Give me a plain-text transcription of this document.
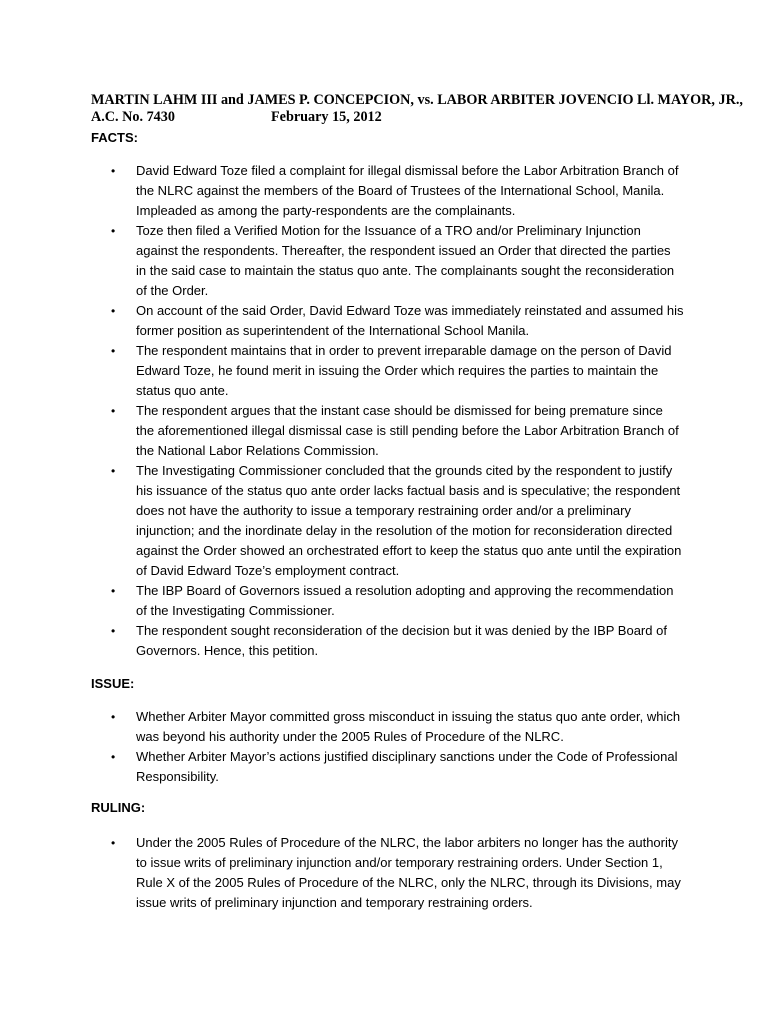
MARTIN LAHM III and JAMES P. CONCEPCION, vs. LABOR ARBITER JOVENCIO Ll. MAYOR, JR.,
A.C. No. 7430	February 15, 2012
FACTS:
• David Edward Toze filed a complaint for illegal dismissal before the Labor Arbitration Branch of the NLRC against the members of the Board of Trustees of the International School, Manila. Impleaded as among the party-respondents are the complainants.
• Toze then filed a Verified Motion for the Issuance of a TRO and/or Preliminary Injunction against the respondents. Thereafter, the respondent issued an Order that directed the parties in the said case to maintain the status quo ante. The complainants sought the reconsideration of the Order.
• On account of the said Order, David Edward Toze was immediately reinstated and assumed his former position as superintendent of the International School Manila.
• The respondent maintains that in order to prevent irreparable damage on the person of David Edward Toze, he found merit in issuing the Order which requires the parties to maintain the status quo ante.
• The respondent argues that the instant case should be dismissed for being premature since the aforementioned illegal dismissal case is still pending before the Labor Arbitration Branch of the National Labor Relations Commission.
• The Investigating Commissioner concluded that the grounds cited by the respondent to justify his issuance of the status quo ante order lacks factual basis and is speculative; the respondent does not have the authority to issue a temporary restraining order and/or a preliminary injunction; and the inordinate delay in the resolution of the motion for reconsideration directed against the Order showed an orchestrated effort to keep the status quo ante until the expiration of David Edward Toze’s employment contract.
• The IBP Board of Governors issued a resolution adopting and approving the recommendation of the Investigating Commissioner.
• The respondent sought reconsideration of the decision but it was denied by the IBP Board of Governors. Hence, this petition.
ISSUE:
• Whether Arbiter Mayor committed gross misconduct in issuing the status quo ante order, which was beyond his authority under the 2005 Rules of Procedure of the NLRC.
• Whether Arbiter Mayor’s actions justified disciplinary sanctions under the Code of Professional Responsibility.
RULING:
• Under the 2005 Rules of Procedure of the NLRC, the labor arbiters no longer has the authority to issue writs of preliminary injunction and/or temporary restraining orders. Under Section 1, Rule X of the 2005 Rules of Procedure of the NLRC, only the NLRC, through its Divisions, may issue writs of preliminary injunction and temporary restraining orders.
